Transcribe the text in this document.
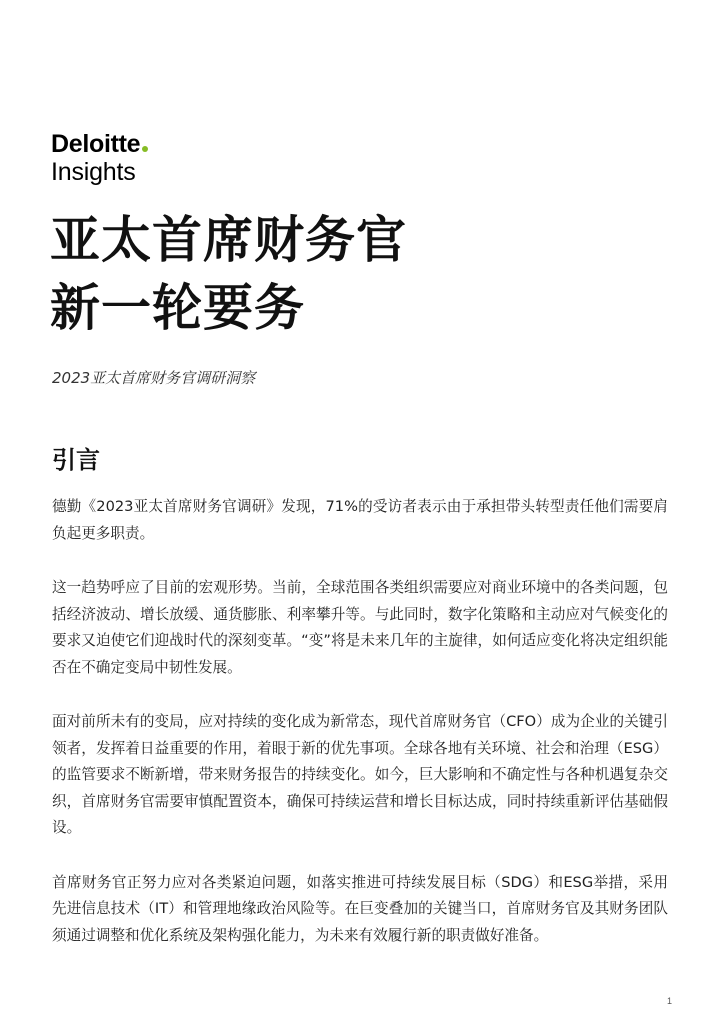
Deloitte
Insights
亚太首席财务官
新一轮要务
2023亚太首席财务官调研洞察
引言

德勤《2023亚太首席财务官调研》发现，71%的受访者表示由于承担带头转型责任他们需要肩负起更多职责。

这一趋势呼应了目前的宏观形势。当前，全球范围各类组织需要应对商业环境中的各类问题，包括经济波动、增长放缓、通货膨胀、利率攀升等。与此同时，数字化策略和主动应对气候变化的要求又迫使它们迎战时代的深刻变革。“变”将是未来几年的主旋律，如何适应变化将决定组织能否在不确定变局中韧性发展。

面对前所未有的变局，应对持续的变化成为新常态，现代首席财务官（CFO）成为企业的关键引领者，发挥着日益重要的作用，着眼于新的优先事项。全球各地有关环境、社会和治理（ESG）的监管要求不断新增，带来财务报告的持续变化。如今，巨大影响和不确定性与各种机遇复杂交织，首席财务官需要审慎配置资本，确保可持续运营和增长目标达成，同时持续重新评估基础假设。

首席财务官正努力应对各类紧迫问题，如落实推进可持续发展目标（SDG）和ESG举措，采用先进信息技术（IT）和管理地缘政治风险等。在巨变叠加的关键当口，首席财务官及其财务团队须通过调整和优化系统及架构强化能力，为未来有效履行新的职责做好准备。

1
